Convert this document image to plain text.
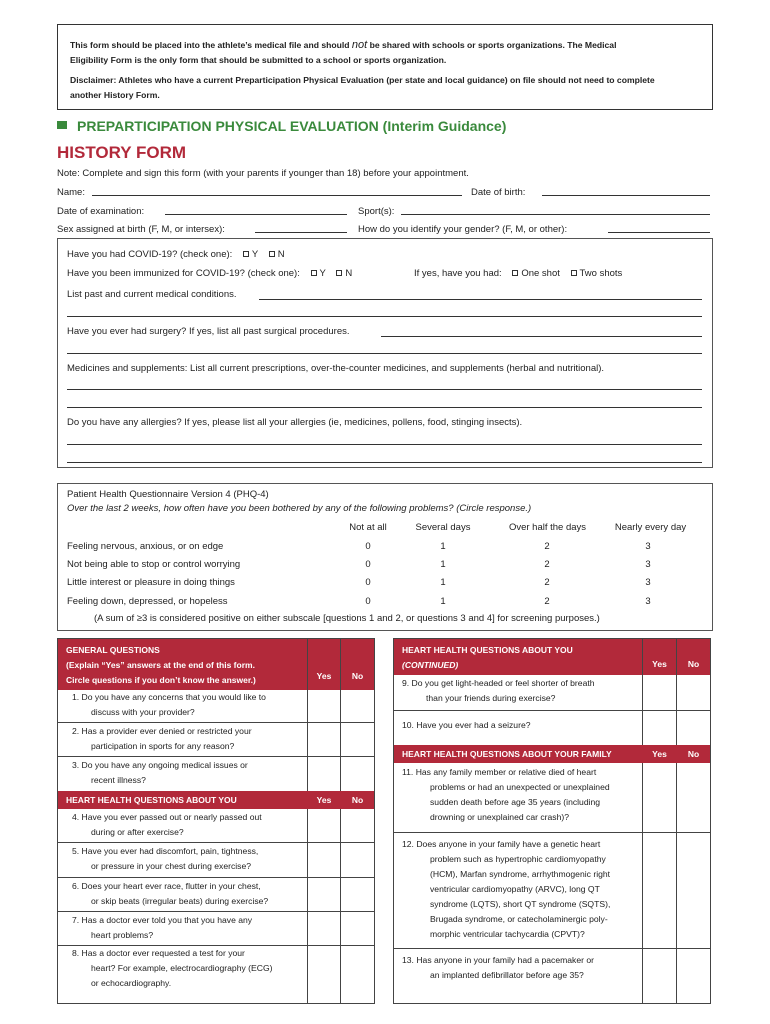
This form should be placed into the athlete’s medical file and should not be shared with schools or sports organizations. The Medical
Eligibility Form is the only form that should be submitted to a school or sports organization.
Disclaimer: Athletes who have a current Preparticipation Physical Evaluation (per state and local guidance) on file should not need to complete
another History Form.
PREPARTICIPATION PHYSICAL EVALUATION (Interim Guidance)
HISTORY FORM
Note: Complete and sign this form (with your parents if younger than 18) before your appointment.
Name:	Date of birth:
Date of examination:	Sport(s):
Sex assigned at birth (F, M, or intersex):	How do you identify your gender? (F, M, or other):
Have you had COVID-19? (check one): Y N
Have you been immunized for COVID-19? (check one): Y N	If yes, have you had: One shot Two shots
List past and current medical conditions.
Have you ever had surgery? If yes, list all past surgical procedures.
Medicines and supplements: List all current prescriptions, over-the-counter medicines, and supplements (herbal and nutritional).
Do you have any allergies? If yes, please list all your allergies (ie, medicines, pollens, food, stinging insects).
Patient Health Questionnaire Version 4 (PHQ-4)
Over the last 2 weeks, how often have you been bothered by any of the following problems? (Circle response.)
Not at all	Several days	Over half the days	Nearly every day
Feeling nervous, anxious, or on edge	0	1	2	3
Not being able to stop or control worrying	0	1	2	3
Little interest or pleasure in doing things	0	1	2	3
Feeling down, depressed, or hopeless	0	1	2	3
(A sum of ≥3 is considered positive on either subscale [questions 1 and 2, or questions 3 and 4] for screening purposes.)
GENERAL QUESTIONS
(Explain “Yes” answers at the end of this form.
Circle questions if you don’t know the answer.)	Yes	No
1. Do you have any concerns that you would like to
discuss with your provider?
2. Has a provider ever denied or restricted your
participation in sports for any reason?
3. Do you have any ongoing medical issues or
recent illness?
HEART HEALTH QUESTIONS ABOUT YOU	Yes	No
4. Have you ever passed out or nearly passed out
during or after exercise?
5. Have you ever had discomfort, pain, tightness,
or pressure in your chest during exercise?
6. Does your heart ever race, flutter in your chest,
or skip beats (irregular beats) during exercise?
7. Has a doctor ever told you that you have any
heart problems?
8. Has a doctor ever requested a test for your
heart? For example, electrocardiography (ECG)
or echocardiography.
HEART HEALTH QUESTIONS ABOUT YOU
(CONTINUED)	Yes	No
9. Do you get light-headed or feel shorter of breath
than your friends during exercise?
10. Have you ever had a seizure?
HEART HEALTH QUESTIONS ABOUT YOUR FAMILY	Yes	No
11. Has any family member or relative died of heart
problems or had an unexpected or unexplained
sudden death before age 35 years (including
drowning or unexplained car crash)?
12. Does anyone in your family have a genetic heart
problem such as hypertrophic cardiomyopathy
(HCM), Marfan syndrome, arrhythmogenic right
ventricular cardiomyopathy (ARVC), long QT
syndrome (LQTS), short QT syndrome (SQTS),
Brugada syndrome, or catecholaminergic poly-
morphic ventricular tachycardia (CPVT)?
13. Has anyone in your family had a pacemaker or
an implanted defibrillator before age 35?
